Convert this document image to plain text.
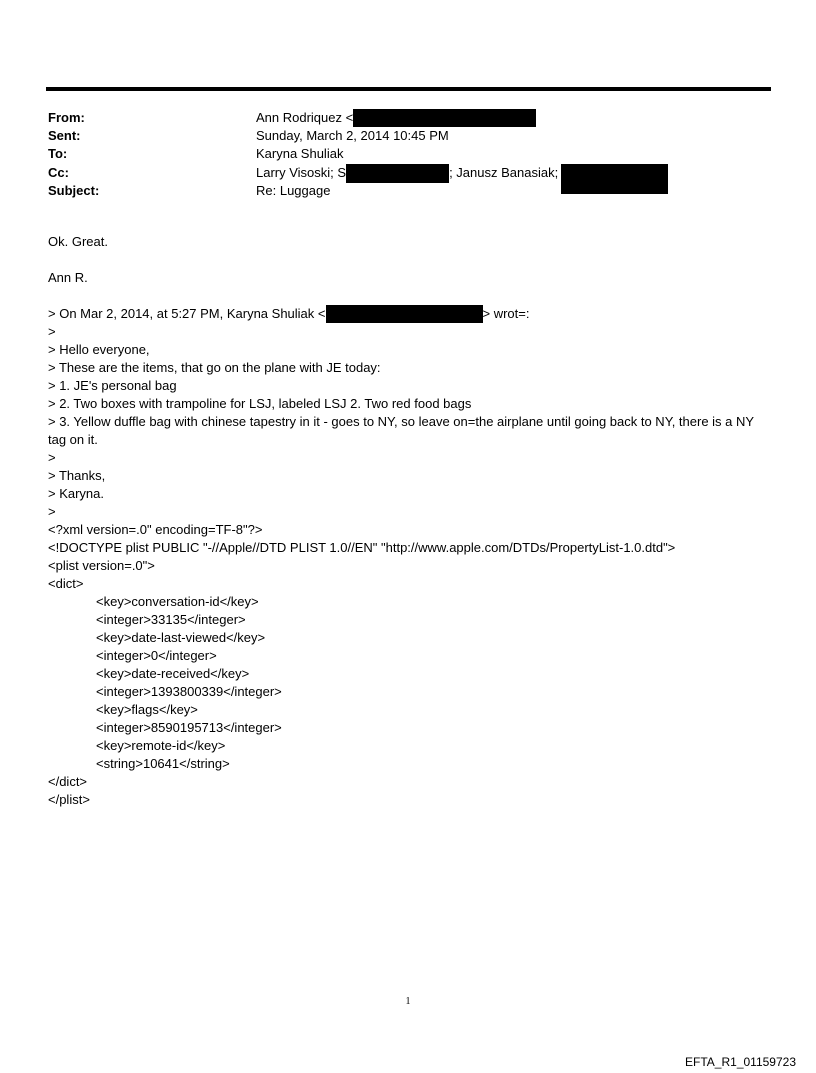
From:	Ann Rodriquez <
Sent:	Sunday, March 2, 2014 10:45 PM
To:	Karyna Shuliak
Cc:	Larry Visoski; S	; Janusz Banasiak;
Subject:	Re: Luggage
Ok. Great.
Ann R.
> On Mar 2, 2014, at 5:27 PM, Karyna Shuliak <	> wrot=:
>
> Hello everyone,
> These are the items, that go on the plane with JE today:
> 1. JE's personal bag
> 2. Two boxes with trampoline for LSJ, labeled LSJ 2. Two red food bags
> 3. Yellow duffle bag with chinese tapestry in it - goes to NY, so leave on=the airplane until going back to NY, there is a NY tag on it.
>
> Thanks,
> Karyna.
>
<?xml version=.0" encoding=TF-8"?>
<!DOCTYPE plist PUBLIC "-//Apple//DTD PLIST 1.0//EN" "http://www.apple.com/DTDs/PropertyList-1.0.dtd">
<plist version=.0">
<dict>
<key>conversation-id</key>
<integer>33135</integer>
<key>date-last-viewed</key>
<integer>0</integer>
<key>date-received</key>
<integer>1393800339</integer>
<key>flags</key>
<integer>8590195713</integer>
<key>remote-id</key>
<string>10641</string>
</dict>
</plist>
1
EFTA_R1_01159723
